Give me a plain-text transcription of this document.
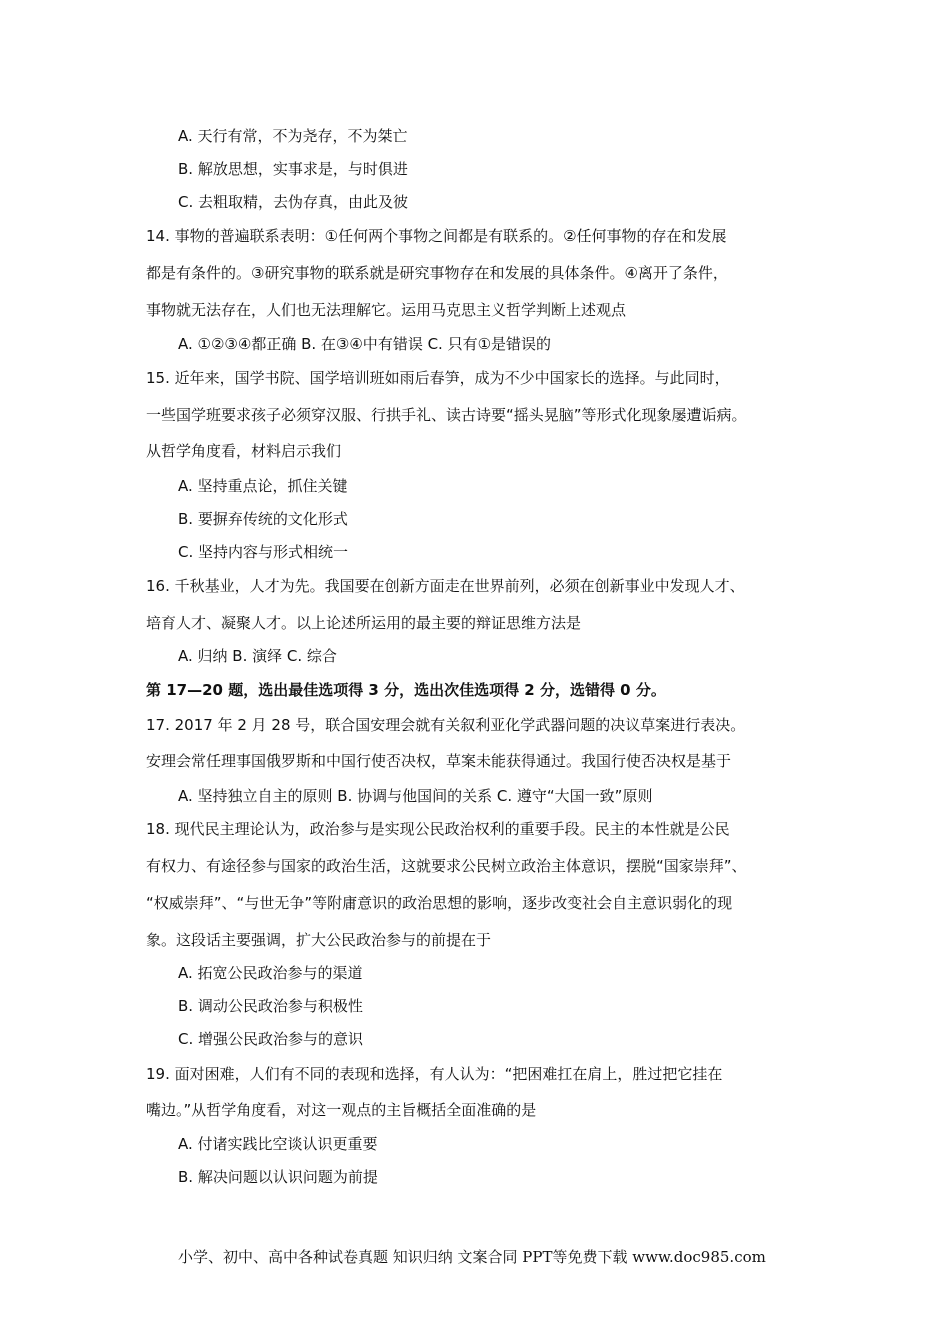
A. 天行有常，不为尧存，不为桀亡
B. 解放思想，实事求是，与时俱进
C. 去粗取精，去伪存真，由此及彼
14. 事物的普遍联系表明：①任何两个事物之间都是有联系的。②任何事物的存在和发展
都是有条件的。③研究事物的联系就是研究事物存在和发展的具体条件。④离开了条件，
事物就无法存在，人们也无法理解它。运用马克思主义哲学判断上述观点
A. ①②③④都正确 B. 在③④中有错误 C. 只有①是错误的
15. 近年来，国学书院、国学培训班如雨后春笋，成为不少中国家长的选择。与此同时，
一些国学班要求孩子必须穿汉服、行拱手礼、读古诗要“摇头晃脑”等形式化现象屡遭诟病。
从哲学角度看，材料启示我们
A. 坚持重点论，抓住关键
B. 要摒弃传统的文化形式
C. 坚持内容与形式相统一
16. 千秋基业，人才为先。我国要在创新方面走在世界前列，必须在创新事业中发现人才、
培育人才、凝聚人才。以上论述所运用的最主要的辩证思维方法是
A. 归纳 B. 演绎 C. 综合
第 17—20 题，选出最佳选项得 3 分，选出次佳选项得 2 分，选错得 0 分。
17. 2017 年 2 月 28 号，联合国安理会就有关叙利亚化学武器问题的决议草案进行表决。
安理会常任理事国俄罗斯和中国行使否决权，草案未能获得通过。我国行使否决权是基于
A. 坚持独立自主的原则 B. 协调与他国间的关系 C. 遵守“大国一致”原则
18. 现代民主理论认为，政治参与是实现公民政治权利的重要手段。民主的本性就是公民
有权力、有途径参与国家的政治生活，这就要求公民树立政治主体意识，摆脱“国家崇拜”、
“权威崇拜”、“与世无争”等附庸意识的政治思想的影响，逐步改变社会自主意识弱化的现
象。这段话主要强调，扩大公民政治参与的前提在于
A. 拓宽公民政治参与的渠道
B. 调动公民政治参与积极性
C. 增强公民政治参与的意识
19. 面对困难，人们有不同的表现和选择，有人认为：“把困难扛在肩上，胜过把它挂在
嘴边。”从哲学角度看，对这一观点的主旨概括全面准确的是
A. 付诸实践比空谈认识更重要
B. 解决问题以认识问题为前提
小学、初中、高中各种试卷真题 知识归纳 文案合同 PPT等免费下载 www.doc985.com
